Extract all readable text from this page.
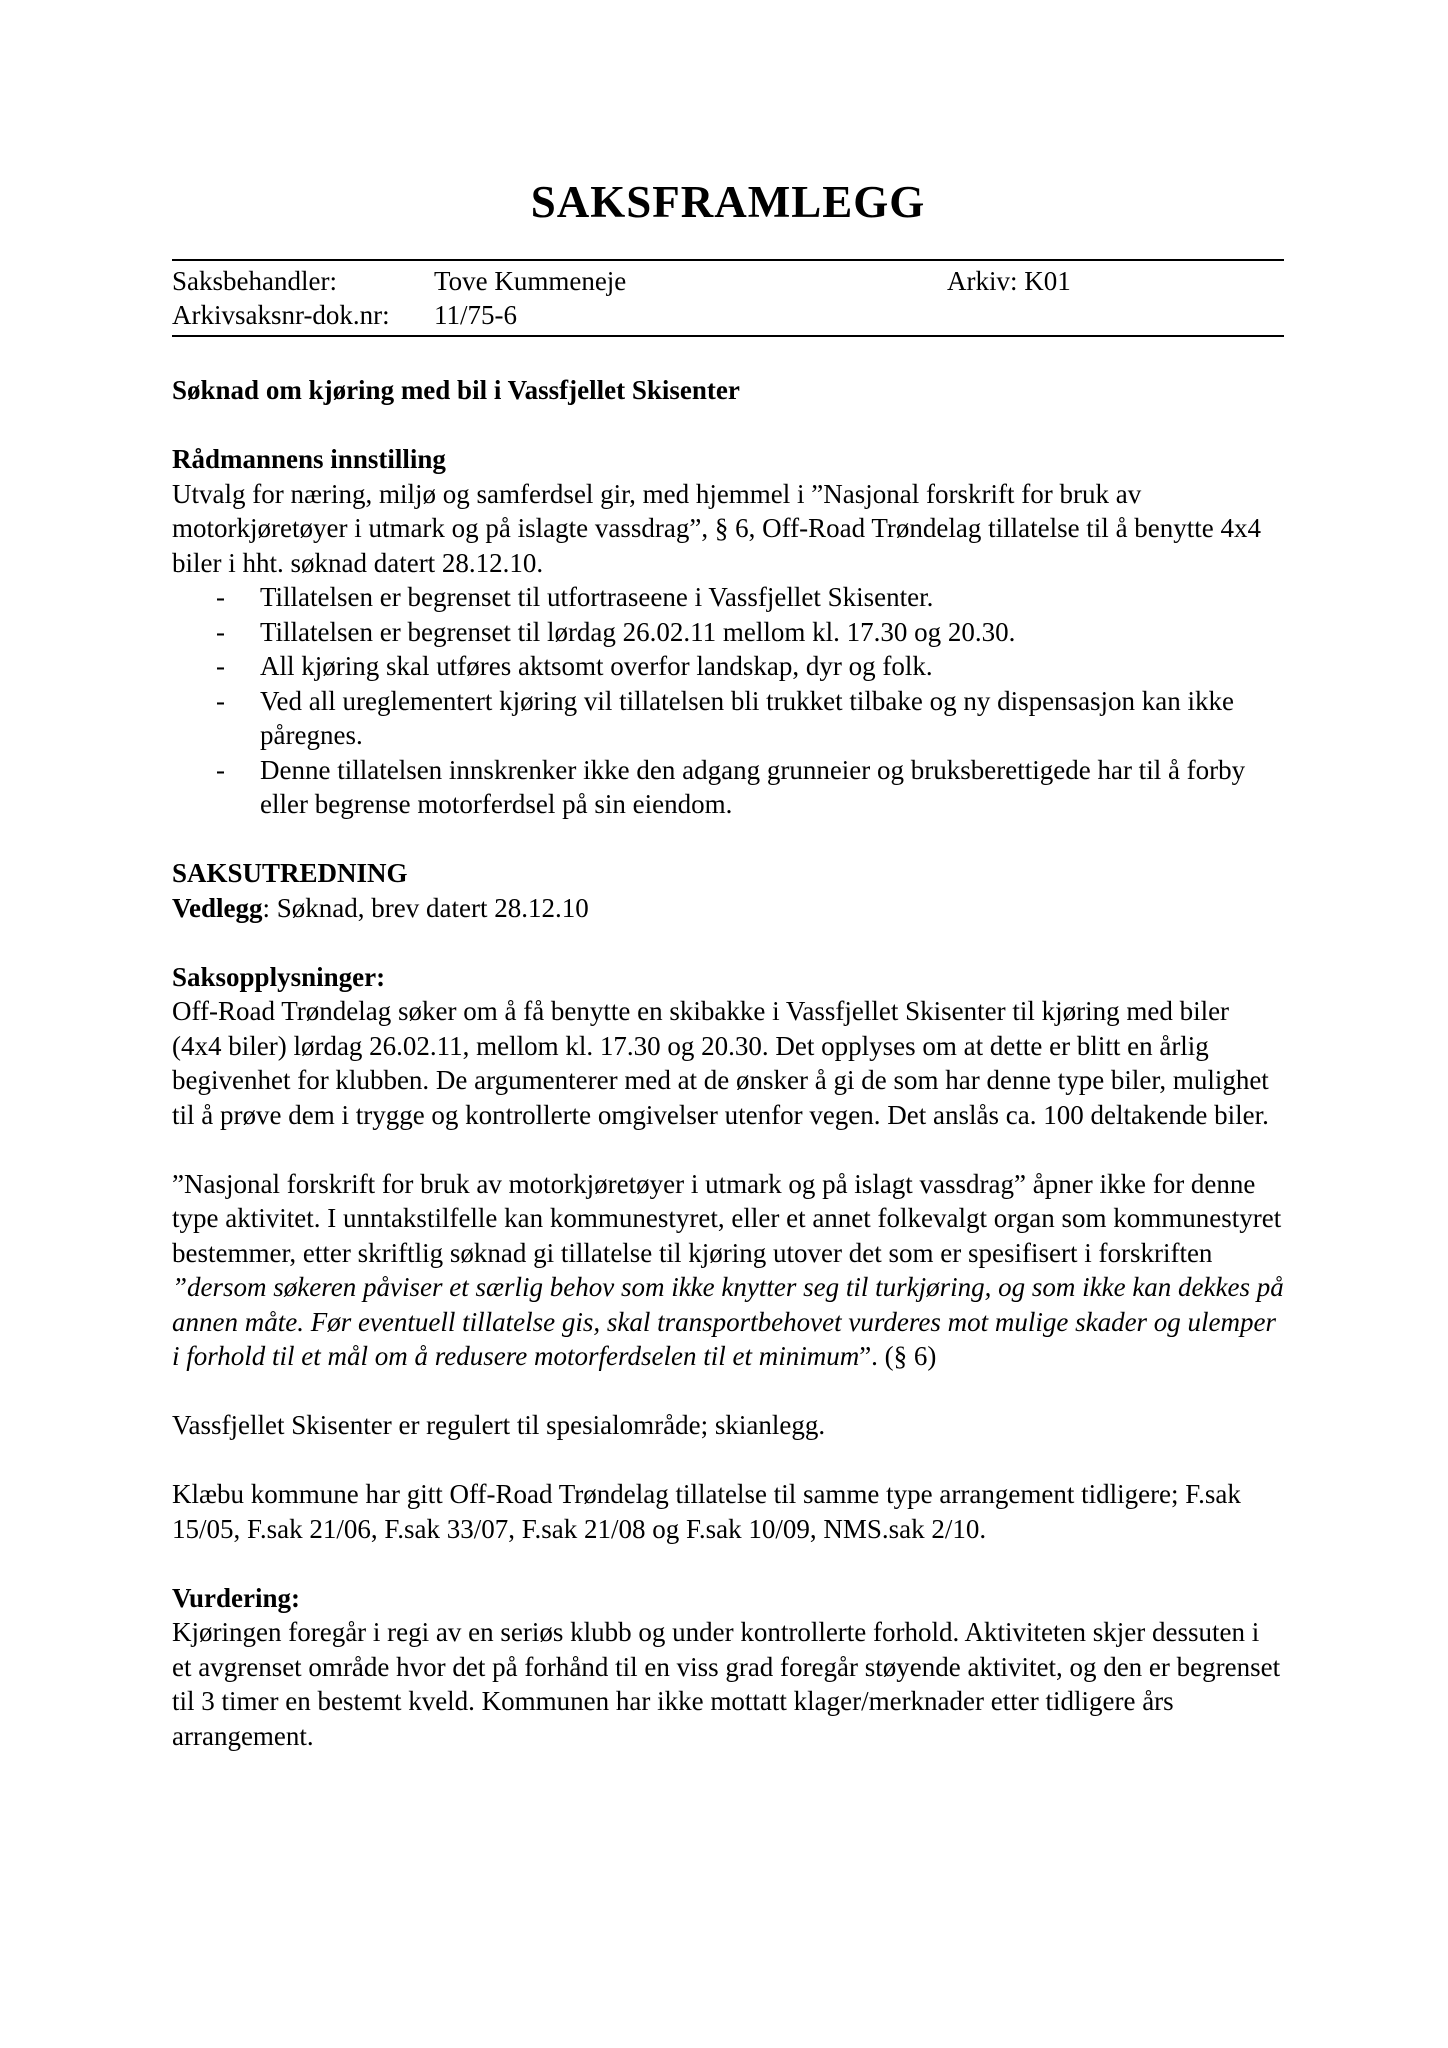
SAKSFRAMLEGG
Saksbehandler:	Tove Kummeneje	Arkiv: K01
Arkivsaksnr-dok.nr: 11/75-6

Søknad om kjøring med bil i Vassfjellet Skisenter

Rådmannens innstilling

Utvalg for næring, miljø og samferdsel gir, med hjemmel i ”Nasjonal forskrift for bruk av motorkjøretøyer i utmark og på islagte vassdrag”, § 6, Off-Road Trøndelag tillatelse til å benytte 4x4 biler i hht. søknad datert 28.12.10.

- Tillatelsen er begrenset til utfortraseene i Vassfjellet Skisenter.
- Tillatelsen er begrenset til lørdag 26.02.11 mellom kl. 17.30 og 20.30.
- All kjøring skal utføres aktsomt overfor landskap, dyr og folk.
- Ved all ureglementert kjøring vil tillatelsen bli trukket tilbake og ny dispensasjon kan ikke påregnes.
- Denne tillatelsen innskrenker ikke den adgang grunneier og bruksberettigede har til å forby eller begrense motorferdsel på sin eiendom.

SAKSUTREDNING

Vedlegg: Søknad, brev datert 28.12.10

Saksopplysninger:

Off-Road Trøndelag søker om å få benytte en skibakke i Vassfjellet Skisenter til kjøring med biler (4x4 biler) lørdag 26.02.11, mellom kl. 17.30 og 20.30. Det opplyses om at dette er blitt en årlig begivenhet for klubben. De argumenterer med at de ønsker å gi de som har denne type biler, mulighet til å prøve dem i trygge og kontrollerte omgivelser utenfor vegen. Det anslås ca. 100 deltakende biler.

”Nasjonal forskrift for bruk av motorkjøretøyer i utmark og på islagt vassdrag” åpner ikke for denne type aktivitet. I unntakstilfelle kan kommunestyret, eller et annet folkevalgt organ som kommunestyret bestemmer, etter skriftlig søknad gi tillatelse til kjøring utover det som er spesifisert i forskriften ”dersom søkeren påviser et særlig behov som ikke knytter seg til turkjøring, og som ikke kan dekkes på annen måte. Før eventuell tillatelse gis, skal transportbehovet vurderes mot mulige skader og ulemper i forhold til et mål om å redusere motorferdselen til et minimum”. (§ 6)

Vassfjellet Skisenter er regulert til spesialområde; skianlegg.

Klæbu kommune har gitt Off-Road Trøndelag tillatelse til samme type arrangement tidligere; F.sak 15/05, F.sak 21/06, F.sak 33/07, F.sak 21/08 og F.sak 10/09, NMS.sak 2/10.

Vurdering:

Kjøringen foregår i regi av en seriøs klubb og under kontrollerte forhold. Aktiviteten skjer dessuten i et avgrenset område hvor det på forhånd til en viss grad foregår støyende aktivitet, og den er begrenset til 3 timer en bestemt kveld. Kommunen har ikke mottatt klager/merknader etter tidligere års arrangement.
